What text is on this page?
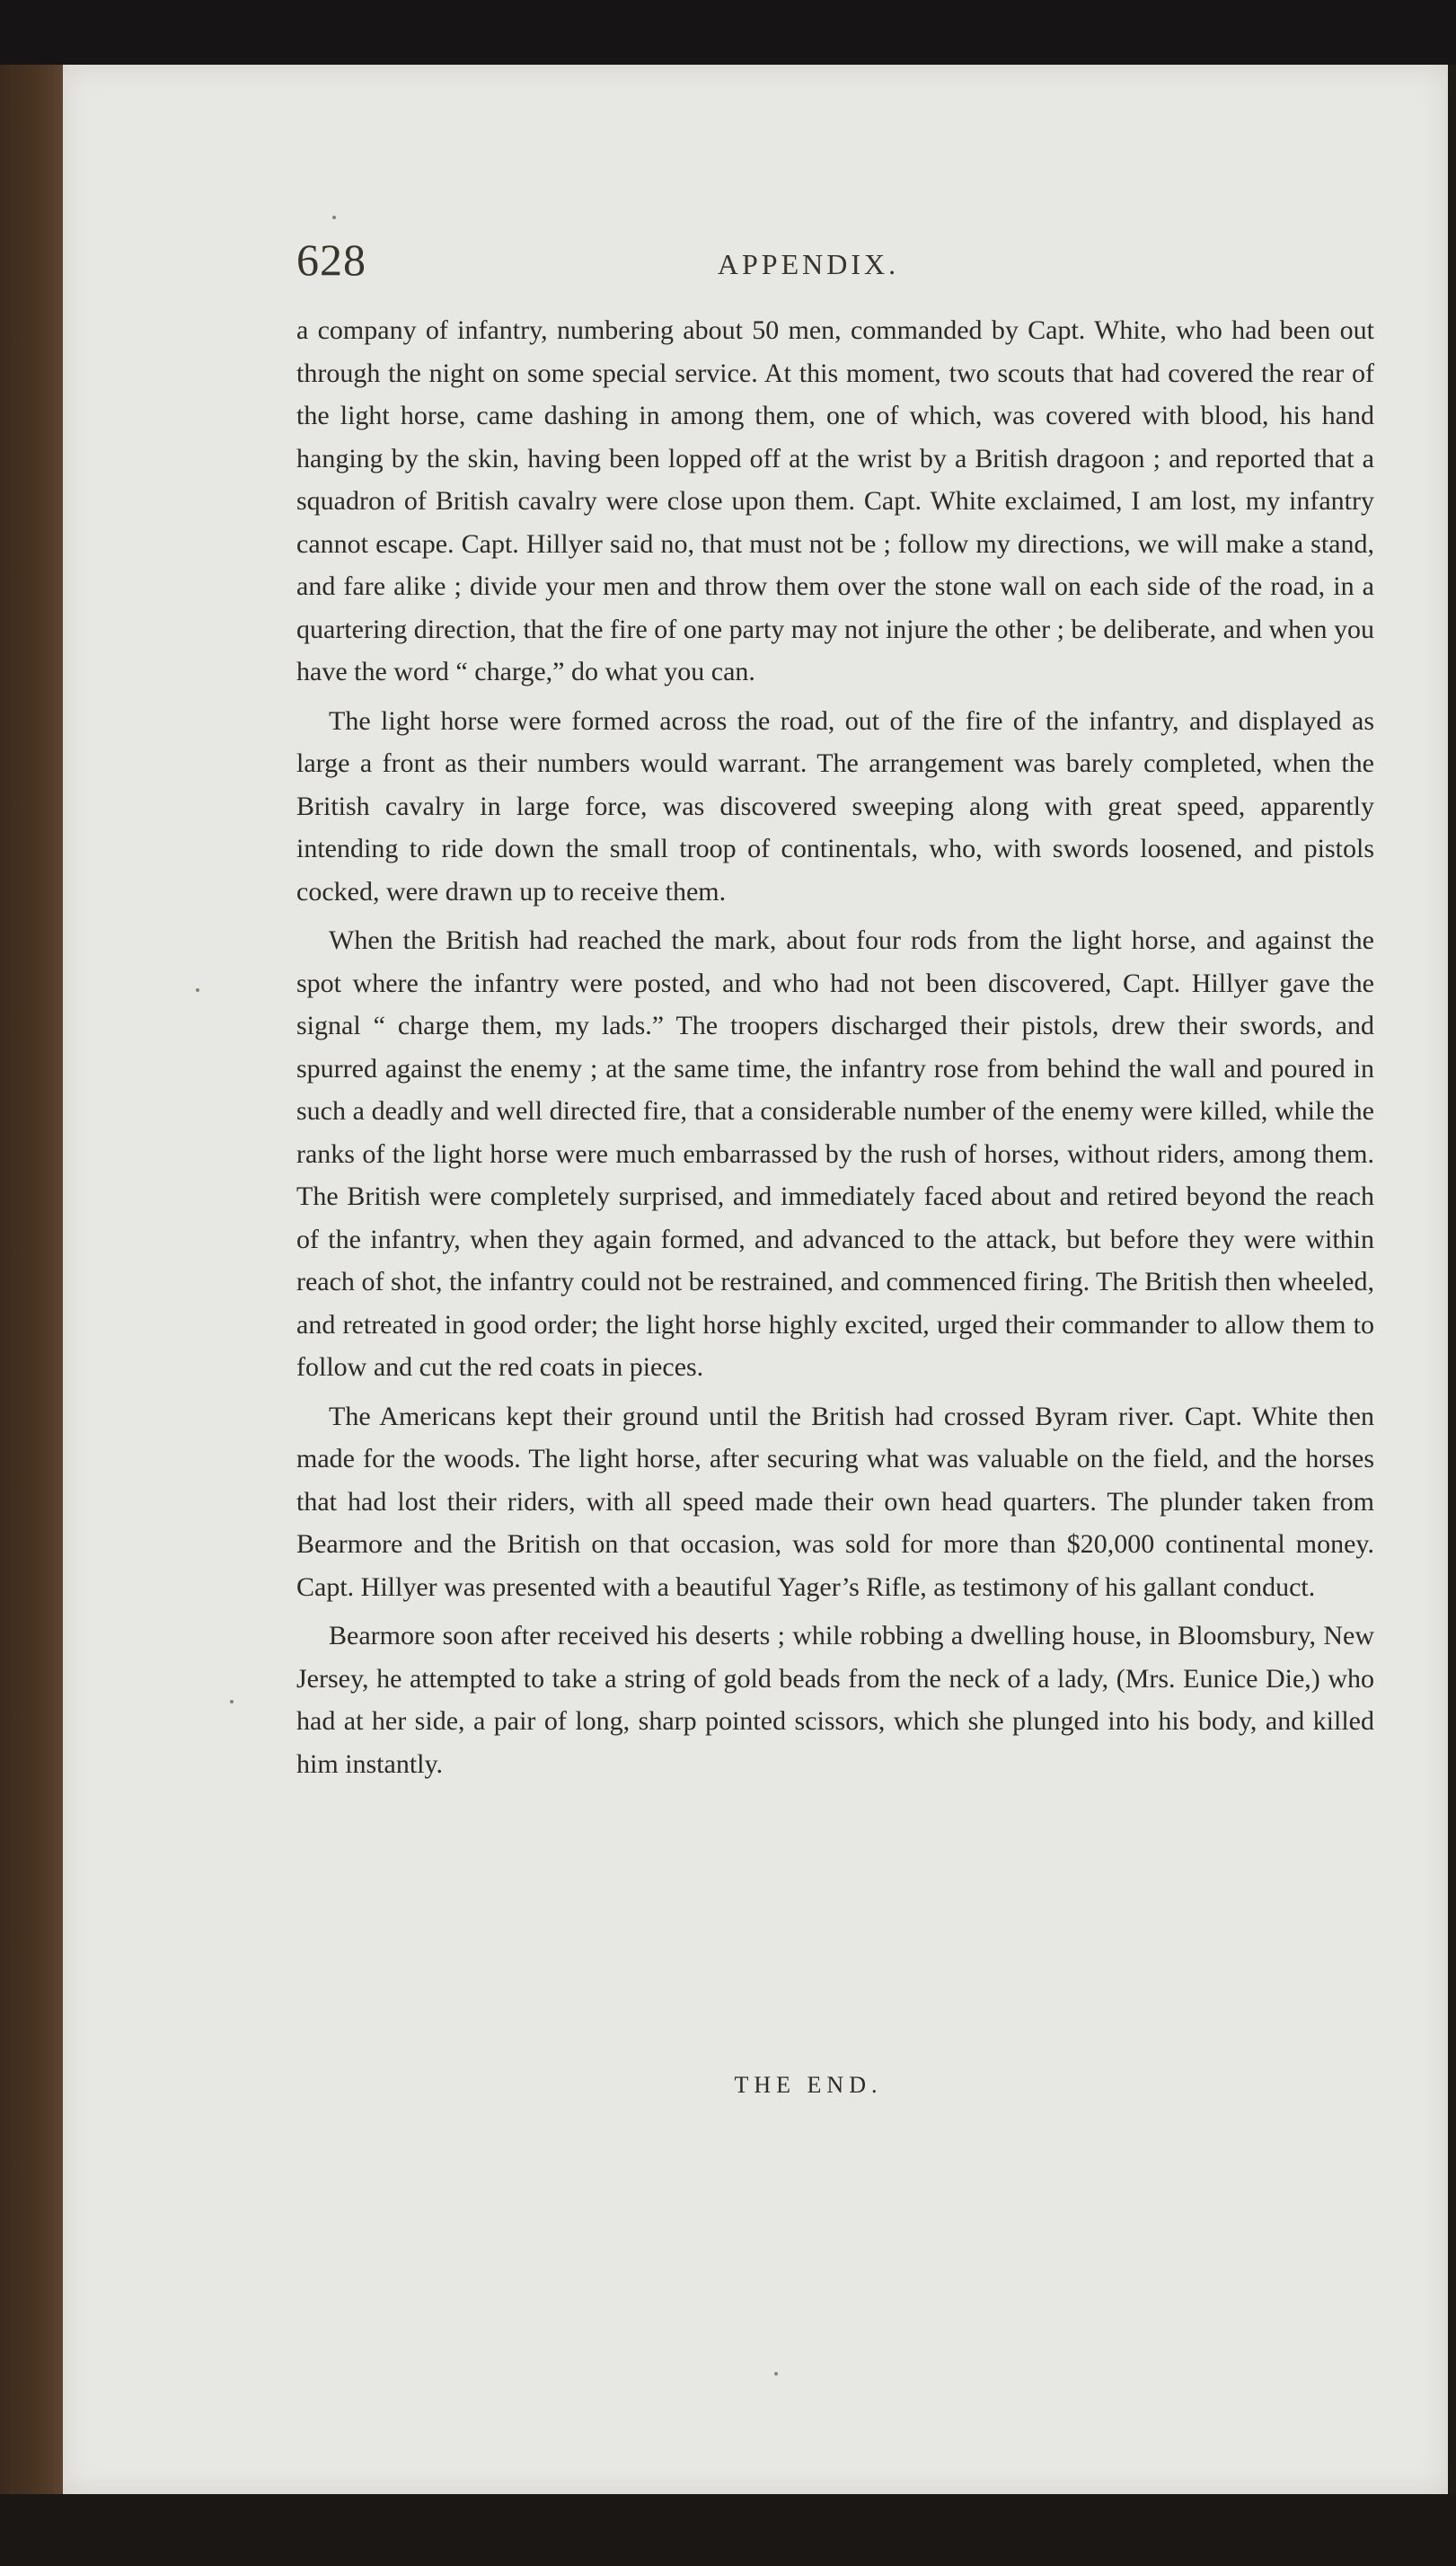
628	APPENDIX.

a company of infantry, numbering about 50 men, commanded by Capt. White, who had been out through the night on some special service. At this moment, two scouts that had covered the rear of the light horse, came dashing in among them, one of which, was covered with blood, his hand hanging by the skin, having been lopped off at the wrist by a British dragoon ; and reported that a squadron of British cavalry were close upon them. Capt. White exclaimed, I am lost, my infantry cannot escape. Capt. Hillyer said no, that must not be ; follow my directions, we will make a stand, and fare alike ; divide your men and throw them over the stone wall on each side of the road, in a quartering direction, that the fire of one party may not injure the other ; be deliberate, and when you have the word “ charge,” do what you can.

The light horse were formed across the road, out of the fire of the infantry, and displayed as large a front as their numbers would warrant. The arrangement was barely completed, when the British cavalry in large force, was discovered sweeping along with great speed, apparently intending to ride down the small troop of continentals, who, with swords loosened, and pistols cocked, were drawn up to receive them.

When the British had reached the mark, about four rods from the light horse, and against the spot where the infantry were posted, and who had not been discovered, Capt. Hillyer gave the signal “ charge them, my lads.” The troopers discharged their pistols, drew their swords, and spurred against the enemy ; at the same time, the infantry rose from behind the wall and poured in such a deadly and well directed fire, that a considerable number of the enemy were killed, while the ranks of the light horse were much embarrassed by the rush of horses, without riders, among them. The British were completely surprised, and immediately faced about and retired beyond the reach of the infantry, when they again formed, and advanced to the attack, but before they were within reach of shot, the infantry could not be restrained, and commenced firing. The British then wheeled, and retreated in good order; the light horse highly excited, urged their commander to allow them to follow and cut the red coats in pieces.

The Americans kept their ground until the British had crossed Byram river. Capt. White then made for the woods. The light horse, after securing what was valuable on the field, and the horses that had lost their riders, with all speed made their own head quarters. The plunder taken from Bearmore and the British on that occasion, was sold for more than $20,000 continental money. Capt. Hillyer was presented with a beautiful Yager’s Rifle, as testimony of his gallant conduct.

Bearmore soon after received his deserts ; while robbing a dwelling house, in Bloomsbury, New Jersey, he attempted to take a string of gold beads from the neck of a lady, (Mrs. Eunice Die,) who had at her side, a pair of long, sharp pointed scissors, which she plunged into his body, and killed him instantly.

THE END.
